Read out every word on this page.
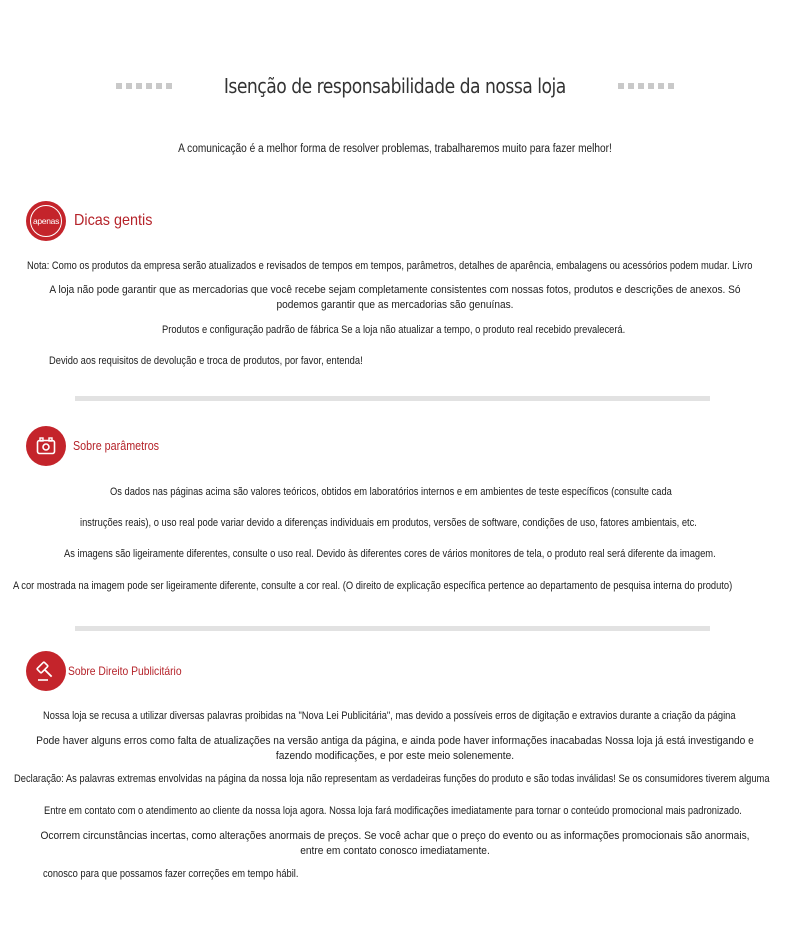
Isenção de responsabilidade da nossa loja
A comunicação é a melhor forma de resolver problemas, trabalharemos muito para fazer melhor!
apenas Dicas gentis
Nota: Como os produtos da empresa serão atualizados e revisados de tempos em tempos, parâmetros, detalhes de aparência, embalagens ou acessórios podem mudar. Livro
A loja não pode garantir que as mercadorias que você recebe sejam completamente consistentes com nossas fotos, produtos e descrições de anexos. Só podemos garantir que as mercadorias são genuínas.
Produtos e configuração padrão de fábrica Se a loja não atualizar a tempo, o produto real recebido prevalecerá.
Devido aos requisitos de devolução e troca de produtos, por favor, entenda!
Sobre parâmetros
Os dados nas páginas acima são valores teóricos, obtidos em laboratórios internos e em ambientes de teste específicos (consulte cada
instruções reais), o uso real pode variar devido a diferenças individuais em produtos, versões de software, condições de uso, fatores ambientais, etc.
As imagens são ligeiramente diferentes, consulte o uso real. Devido às diferentes cores de vários monitores de tela, o produto real será diferente da imagem.
A cor mostrada na imagem pode ser ligeiramente diferente, consulte a cor real. (O direito de explicação específica pertence ao departamento de pesquisa interna do produto)
Sobre Direito Publicitário
Nossa loja se recusa a utilizar diversas palavras proibidas na "Nova Lei Publicitária", mas devido a possíveis erros de digitação e extravios durante a criação da página
Pode haver alguns erros como falta de atualizações na versão antiga da página, e ainda pode haver informações inacabadas Nossa loja já está investigando e fazendo modificações, e por este meio solenemente.
Declaração: As palavras extremas envolvidas na página da nossa loja não representam as verdadeiras funções do produto e são todas inválidas! Se os consumidores tiverem alguma
Entre em contato com o atendimento ao cliente da nossa loja agora. Nossa loja fará modificações imediatamente para tornar o conteúdo promocional mais padronizado.
Ocorrem circunstâncias incertas, como alterações anormais de preços. Se você achar que o preço do evento ou as informações promocionais são anormais, entre em contato conosco imediatamente.
conosco para que possamos fazer correções em tempo hábil.
